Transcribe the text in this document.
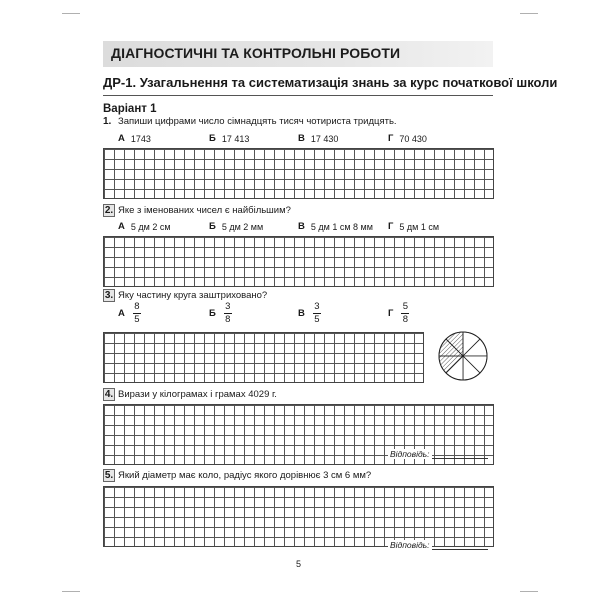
ДІАГНОСТИЧНІ ТА КОНТРОЛЬНІ РОБОТИ
ДР-1. Узагальнення та систематизація знань за курс початкової школи
Варіант 1
1. Запиши цифрами число сімнадцять тисяч чотириста тридцять.
А 1743	Б 17 413	В 17 430	Г 70 430
2. Яке з іменованих чисел є найбільшим?
А 5 дм 2 см	Б 5 дм 2 мм	В 5 дм 1 см 8 мм Г 5 дм 1 см
3. Яку частину круга заштриховано?
А $\frac{8}{5}$	Б $\frac{3}{8}$	В $\frac{3}{5}$	Г $\frac{5}{8}$
4. Вирази у кілограмах і грамах 4029 г.
Відповідь:
5. Який діаметр має коло, радіус якого дорівнює 3 см 6 мм?
Відповідь:
5
